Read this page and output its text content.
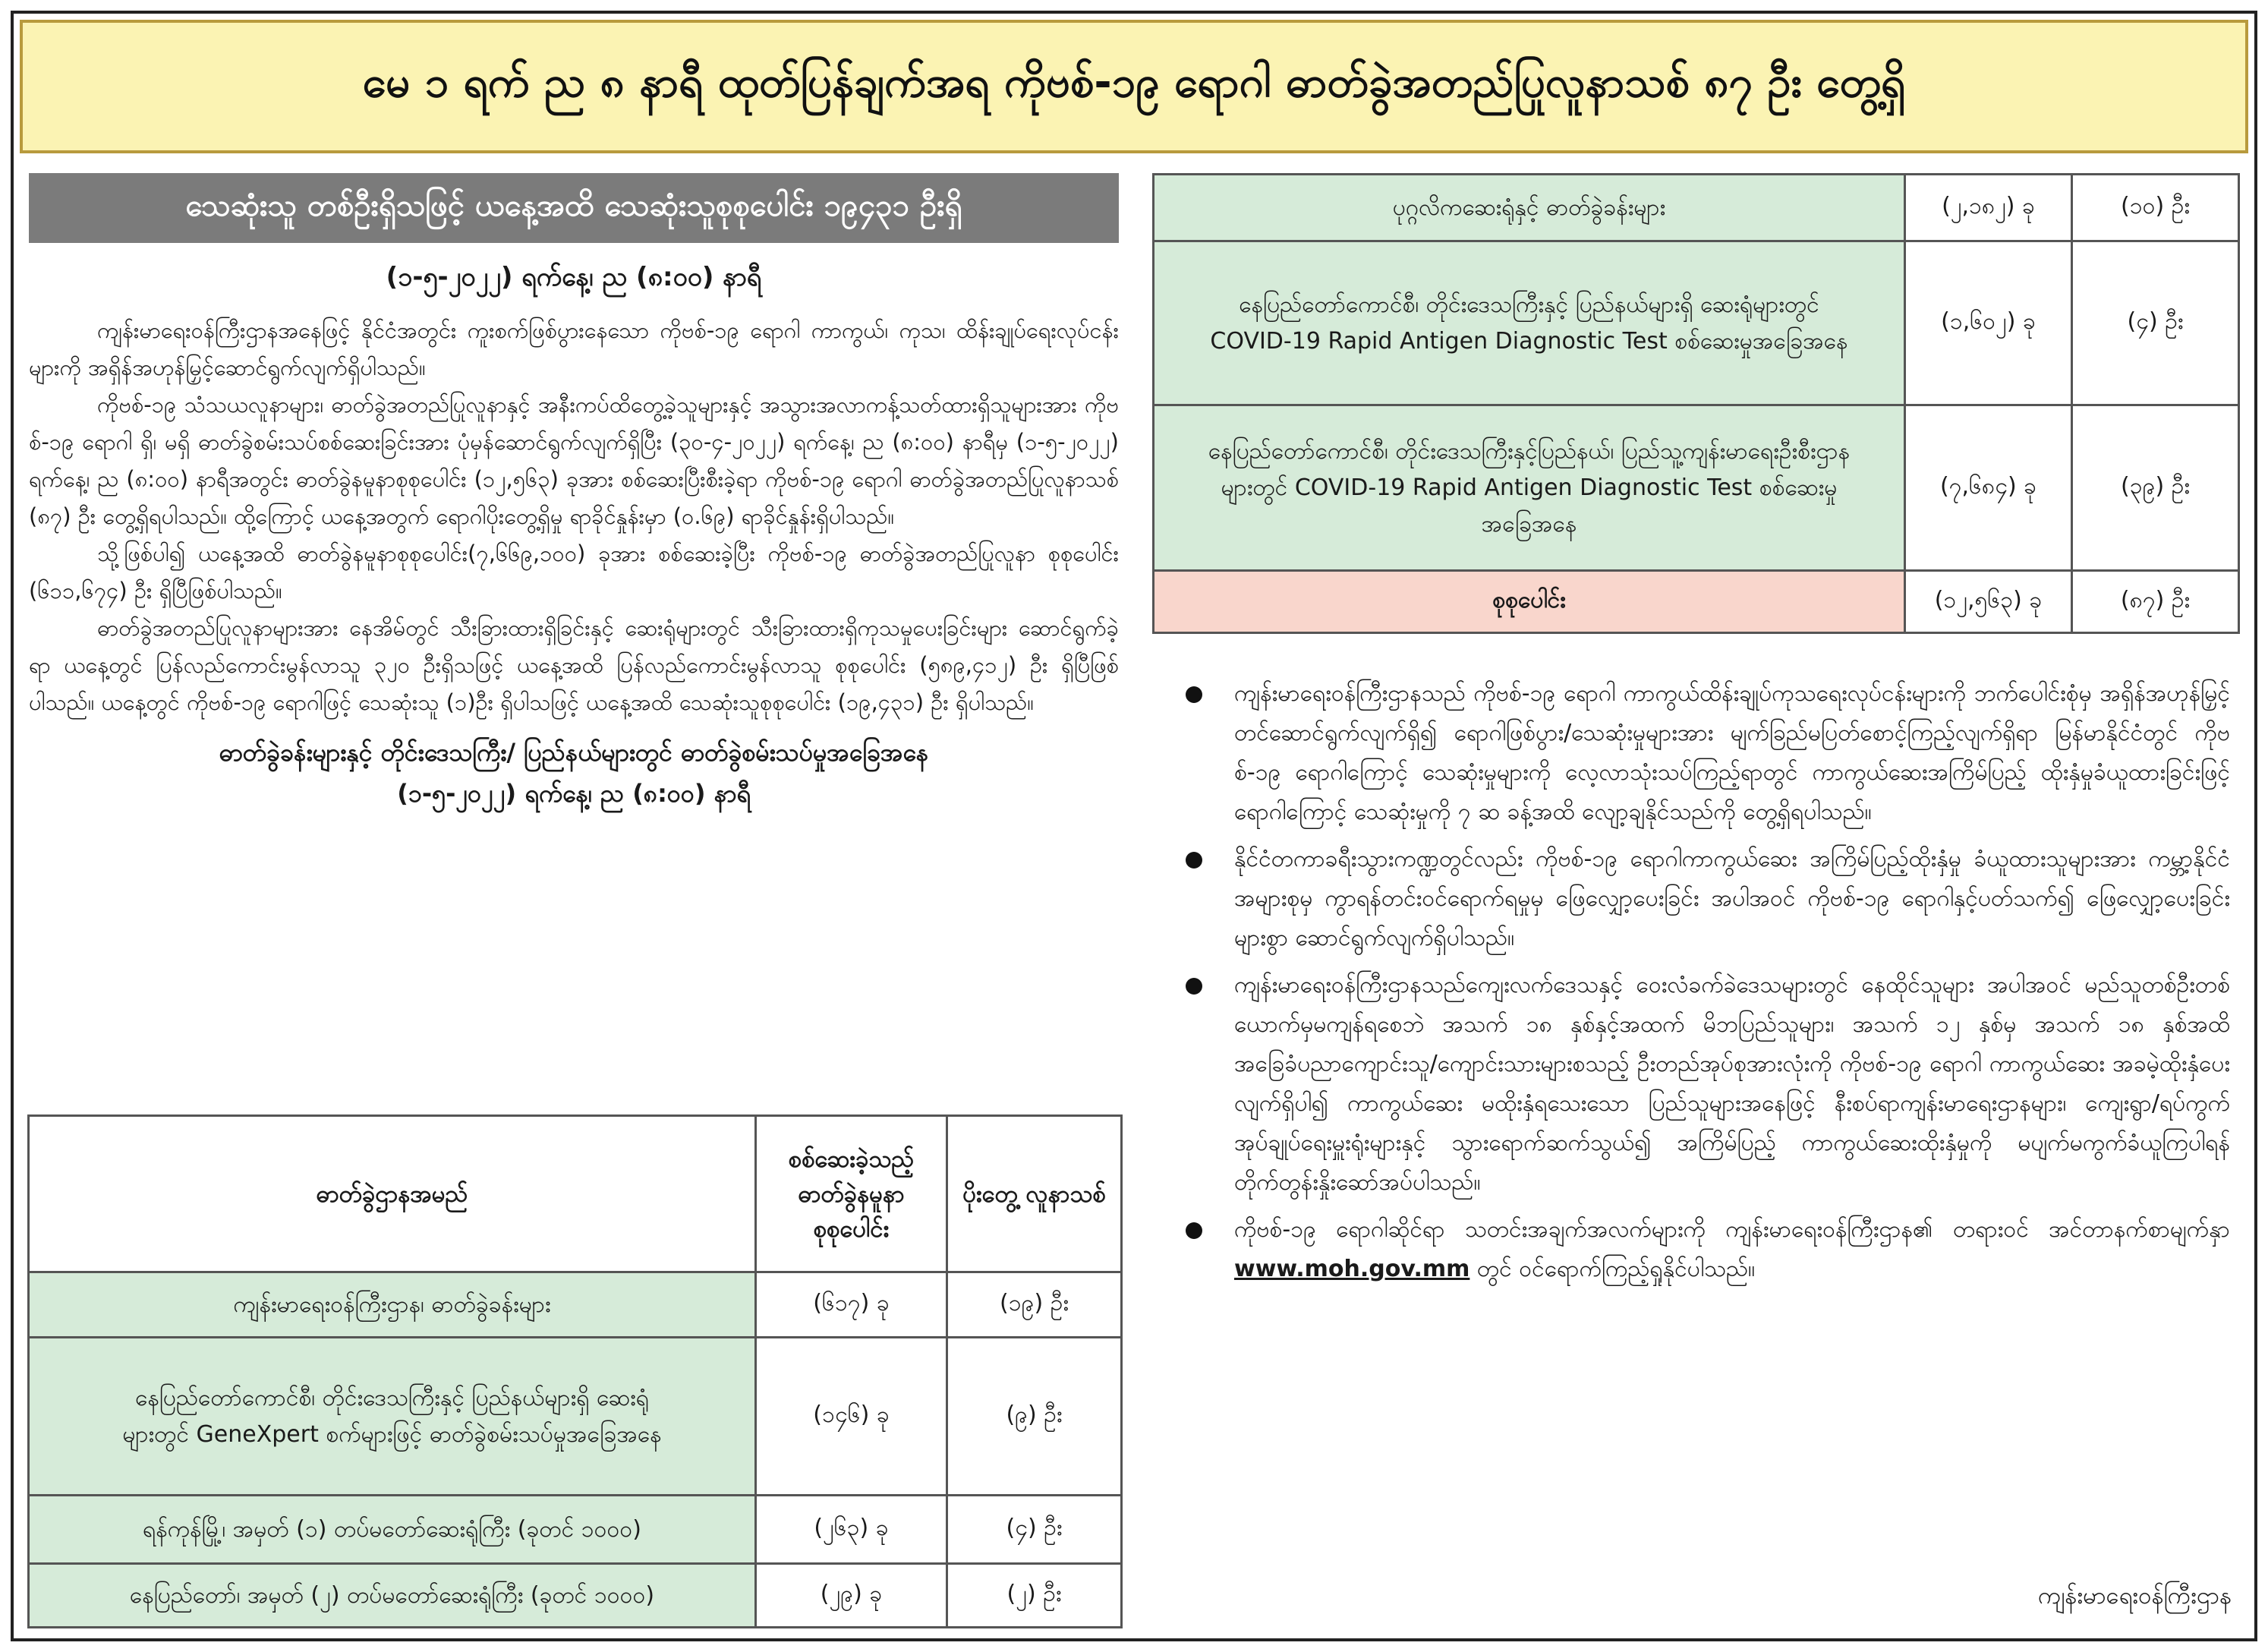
မေ ၁ ရက် ည ၈ နာရီ ထုတ်ပြန်ချက်အရ ကိုဗစ်-၁၉ ရောဂါ ဓာတ်ခွဲအတည်ပြုလူနာသစ် ၈၇ ဦး တွေ့ရှိ
သေဆုံးသူ တစ်ဦးရှိသဖြင့် ယနေ့အထိ သေဆုံးသူစုစုပေါင်း ၁၉၄၃၁ ဦးရှိ
(၁-၅-၂၀၂၂) ရက်နေ့၊ ည (၈:၀၀) နာရီ

ကျန်းမာရေးဝန်ကြီးဌာနအနေဖြင့် နိုင်ငံအတွင်း ကူးစက်ဖြစ်ပွားနေသော ကိုဗစ်-၁၉ ရောဂါ ကာကွယ်၊ ကုသ၊ ထိန်းချုပ်ရေးလုပ်ငန်းများကို အရှိန်အဟုန်မြှင့်ဆောင်ရွက်လျက်ရှိပါသည်။

ကိုဗစ်-၁၉ သံသယလူနာများ၊ ဓာတ်ခွဲအတည်ပြုလူနာနှင့် အနီးကပ်ထိတွေ့ခဲ့သူများနှင့် အသွားအလာကန့်သတ်ထားရှိသူများအား ကိုဗစ်-၁၉ ရောဂါ ရှိ၊ မရှိ ဓာတ်ခွဲစမ်းသပ်စစ်ဆေးခြင်းအား ပုံမှန်ဆောင်ရွက်လျက်ရှိပြီး (၃၀-၄-၂၀၂၂) ရက်နေ့၊ ည (၈:၀၀) နာရီမှ (၁-၅-၂၀၂၂) ရက်နေ့၊ ည (၈:၀၀) နာရီအတွင်း ဓာတ်ခွဲနမူနာစုစုပေါင်း (၁၂,၅၆၃) ခုအား စစ်ဆေးပြီးစီးခဲ့ရာ ကိုဗစ်-၁၉ ရောဂါ ဓာတ်ခွဲအတည်ပြုလူနာသစ် (၈၇) ဦး တွေ့ရှိရပါသည်။ ထို့ကြောင့် ယနေ့အတွက် ရောဂါပိုးတွေ့ရှိမှု ရာခိုင်နှုန်းမှာ (၀.၆၉) ရာခိုင်နှုန်းရှိပါသည်။

သို့ဖြစ်ပါ၍ ယနေ့အထိ ဓာတ်ခွဲနမူနာစုစုပေါင်း(၇,၆၆၉,၁၀၀) ခုအား စစ်ဆေးခဲ့ပြီး ကိုဗစ်-၁၉ ဓာတ်ခွဲအတည်ပြုလူနာ စုစုပေါင်း (၆၁၁,၆၇၄) ဦး ရှိပြီဖြစ်ပါသည်။

ဓာတ်ခွဲအတည်ပြုလူနာများအား နေအိမ်တွင် သီးခြားထားရှိခြင်းနှင့် ဆေးရုံများတွင် သီးခြားထားရှိကုသမှုပေးခြင်းများ ဆောင်ရွက်ခဲ့ရာ ယနေ့တွင် ပြန်လည်ကောင်းမွန်လာသူ ၃၂၀ ဦးရှိသဖြင့် ယနေ့အထိ ပြန်လည်ကောင်းမွန်လာသူ စုစုပေါင်း (၅၈၉,၄၁၂) ဦး ရှိပြီဖြစ်ပါသည်။ ယနေ့တွင် ကိုဗစ်-၁၉ ရောဂါဖြင့် သေဆုံးသူ (၁)ဦး ရှိပါသဖြင့် ယနေ့အထိ သေဆုံးသူစုစုပေါင်း (၁၉,၄၃၁) ဦး ရှိပါသည်။

ဓာတ်ခွဲခန်းများနှင့် တိုင်းဒေသကြီး/ ပြည်နယ်များတွင် ဓာတ်ခွဲစမ်းသပ်မှုအခြေအနေ
(၁-၅-၂၀၂၂) ရက်နေ့၊ ည (၈:၀၀) နာရီ
ဓာတ်ခွဲဌာနအမည်	စစ်ဆေးခဲ့သည့် ဓာတ်ခွဲနမူနာ စုစုပေါင်း	ပိုးတွေ့ လူနာသစ်
ကျန်းမာရေးဝန်ကြီးဌာန၊ ဓာတ်ခွဲခန်းများ	(၆၁၇) ခု	(၁၉) ဦး
နေပြည်တော်ကောင်စီ၊ တိုင်းဒေသကြီးနှင့် ပြည်နယ်များရှိ ဆေးရုံများတွင် GeneXpert စက်များဖြင့် ဓာတ်ခွဲစမ်းသပ်မှုအခြေအနေ	(၁၄၆) ခု	(၉) ဦး
ရန်ကုန်မြို့၊ အမှတ် (၁) တပ်မတော်ဆေးရုံကြီး (ခုတင် ၁၀၀၀)	(၂၆၃) ခု	(၄) ဦး
နေပြည်တော်၊ အမှတ် (၂) တပ်မတော်ဆေးရုံကြီး (ခုတင် ၁၀၀၀)	(၂၉) ခု	(၂) ဦး
ပုဂ္ဂလိကဆေးရုံနှင့် ဓာတ်ခွဲခန်းများ	(၂,၁၈၂) ခု	(၁၀) ဦး
နေပြည်တော်ကောင်စီ၊ တိုင်းဒေသကြီးနှင့် ပြည်နယ်များရှိ ဆေးရုံများတွင် COVID-19 Rapid Antigen Diagnostic Test စစ်ဆေးမှုအခြေအနေ	(၁,၆၀၂) ခု	(၄) ဦး
နေပြည်တော်ကောင်စီ၊ တိုင်းဒေသကြီးနှင့်ပြည်နယ်၊ ပြည်သူ့ကျန်းမာရေးဦးစီးဌာနများတွင် COVID-19 Rapid Antigen Diagnostic Test စစ်ဆေးမှုအခြေအနေ	(၇,၆၈၄) ခု	(၃၉) ဦး
စုစုပေါင်း	(၁၂,၅၆၃) ခု	(၈၇) ဦး
ကျန်းမာရေးဝန်ကြီးဌာနသည် ကိုဗစ်-၁၉ ရောဂါ ကာကွယ်ထိန်းချုပ်ကုသရေးလုပ်ငန်းများကို ဘက်ပေါင်းစုံမှ အရှိန်အဟုန်မြှင့်တင်ဆောင်ရွက်လျက်ရှိ၍ ရောဂါဖြစ်ပွား/သေဆုံးမှုများအား မျက်ခြည်မပြတ်စောင့်ကြည့်လျက်ရှိရာ မြန်မာနိုင်ငံတွင် ကိုဗစ်-၁၉ ရောဂါကြောင့် သေဆုံးမှုများကို လေ့လာသုံးသပ်ကြည့်ရာတွင် ကာကွယ်ဆေးအကြိမ်ပြည့် ထိုးနှံမှုခံယူထားခြင်းဖြင့် ရောဂါကြောင့် သေဆုံးမှုကို ၇ ဆ ခန့်အထိ လျော့ချနိုင်သည်ကို တွေ့ရှိရပါသည်။
နိုင်ငံတကာခရီးသွားကဏ္ဍတွင်လည်း ကိုဗစ်-၁၉ ရောဂါကာကွယ်ဆေး အကြိမ်ပြည့်ထိုးနှံမှု ခံယူထားသူများအား ကမ္ဘာ့နိုင်ငံအများစုမှ ကွာရန်တင်းဝင်ရောက်ရမှုမှ ဖြေလျှော့ပေးခြင်း အပါအဝင် ကိုဗစ်-၁၉ ရောဂါနှင့်ပတ်သက်၍ ဖြေလျှော့ပေးခြင်းများစွာ ဆောင်ရွက်လျက်ရှိပါသည်။
ကျန်းမာရေးဝန်ကြီးဌာနသည်ကျေးလက်ဒေသနှင့် ဝေးလံခက်ခဲဒေသများတွင် နေထိုင်သူများ အပါအဝင် မည်သူတစ်ဦးတစ်ယောက်မှမကျန်ရစေဘဲ အသက် ၁၈ နှစ်နှင့်အထက် မိဘပြည်သူများ၊ အသက် ၁၂ နှစ်မှ အသက် ၁၈ နှစ်အထိ အခြေခံပညာကျောင်းသူ/ကျောင်းသားများစသည့် ဦးတည်အုပ်စုအားလုံးကို ကိုဗစ်-၁၉ ရောဂါ ကာကွယ်ဆေး အခမဲ့ထိုးနှံပေးလျက်ရှိပါ၍ ကာကွယ်ဆေး မထိုးနှံရသေးသော ပြည်သူများအနေဖြင့် နီးစပ်ရာကျန်းမာရေးဌာနများ၊ ကျေးရွာ/ရပ်ကွက် အုပ်ချုပ်ရေးမှူးရုံးများနှင့် သွားရောက်ဆက်သွယ်၍ အကြိမ်ပြည့် ကာကွယ်ဆေးထိုးနှံမှုကို မပျက်မကွက်ခံယူကြပါရန် တိုက်တွန်းနှိုးဆော်အပ်ပါသည်။
ကိုဗစ်-၁၉ ရောဂါဆိုင်ရာ သတင်းအချက်အလက်များကို ကျန်းမာရေးဝန်ကြီးဌာန၏ တရားဝင် အင်တာနက်စာမျက်နှာ www.moh.gov.mm တွင် ဝင်ရောက်ကြည့်ရှုနိုင်ပါသည်။
ကျန်းမာရေးဝန်ကြီးဌာန
